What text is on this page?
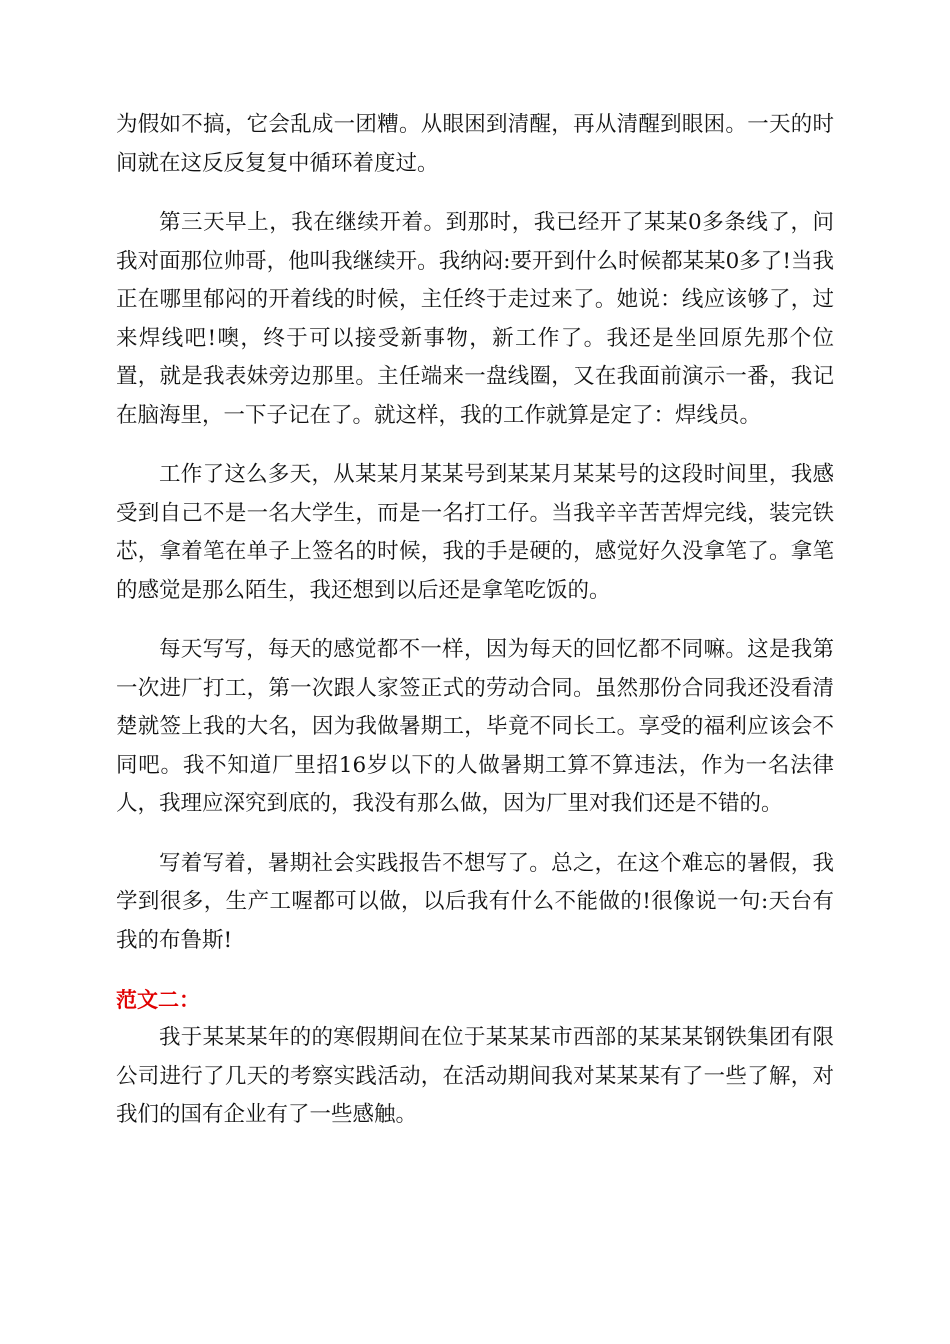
为假如不搞，它会乱成一团糟。从眼困到清醒，再从清醒到眼困。一天的时间就在这反反复复中循环着度过。

第三天早上，我在继续开着。到那时，我已经开了某某0多条线了，问我对面那位帅哥，他叫我继续开。我纳闷:要开到什么时候都某某0多了!当我正在哪里郁闷的开着线的时候，主任终于走过来了。她说：线应该够了，过来焊线吧!噢，终于可以接受新事物，新工作了。我还是坐回原先那个位置，就是我表妹旁边那里。主任端来一盘线圈，又在我面前演示一番，我记在脑海里，一下子记在了。就这样，我的工作就算是定了：焊线员。

工作了这么多天，从某某月某某号到某某月某某号的这段时间里，我感受到自己不是一名大学生，而是一名打工仔。当我辛辛苦苦焊完线，装完铁芯，拿着笔在单子上签名的时候，我的手是硬的，感觉好久没拿笔了。拿笔的感觉是那么陌生，我还想到以后还是拿笔吃饭的。

每天写写，每天的感觉都不一样，因为每天的回忆都不同嘛。这是我第一次进厂打工，第一次跟人家签正式的劳动合同。虽然那份合同我还没看清楚就签上我的大名，因为我做暑期工，毕竟不同长工。享受的福利应该会不同吧。我不知道厂里招16岁以下的人做暑期工算不算违法，作为一名法律人，我理应深究到底的，我没有那么做，因为厂里对我们还是不错的。

写着写着，暑期社会实践报告不想写了。总之，在这个难忘的暑假，我学到很多，生产工喔都可以做，以后我有什么不能做的!很像说一句:天台有我的布鲁斯!

范文二：

我于某某某年的的寒假期间在位于某某某市西部的某某某钢铁集团有限公司进行了几天的考察实践活动，在活动期间我对某某某有了一些了解，对我们的国有企业有了一些感触。
